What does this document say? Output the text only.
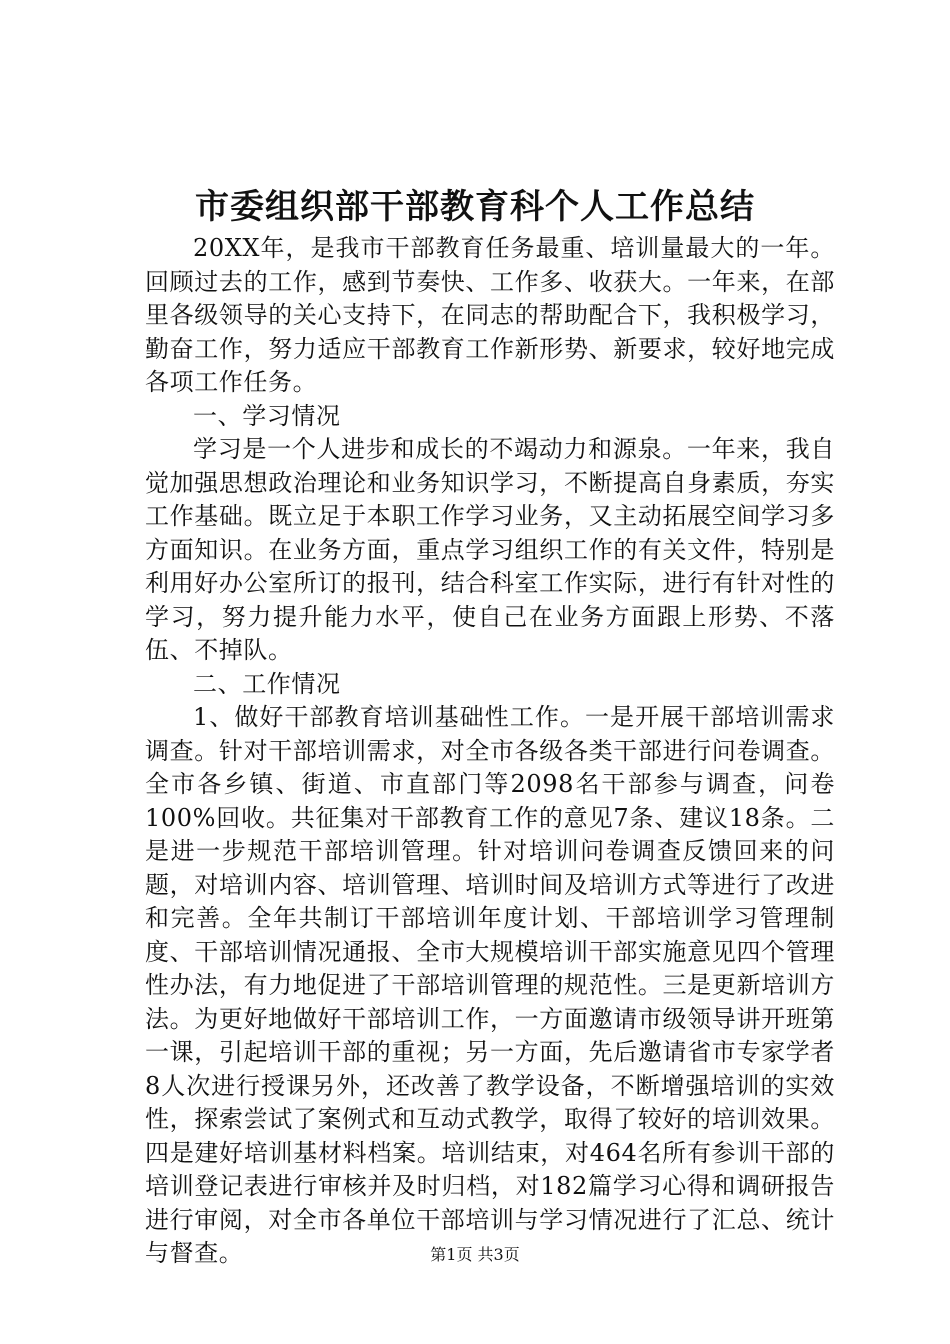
市委组织部干部教育科个人工作总结

20XX年，是我市干部教育任务最重、培训量最大的一年。回顾过去的工作，感到节奏快、工作多、收获大。一年来，在部里各级领导的关心支持下，在同志的帮助配合下，我积极学习，勤奋工作，努力适应干部教育工作新形势、新要求，较好地完成各项工作任务。

一、学习情况

学习是一个人进步和成长的不竭动力和源泉。一年来，我自觉加强思想政治理论和业务知识学习，不断提高自身素质，夯实工作基础。既立足于本职工作学习业务，又主动拓展空间学习多方面知识。在业务方面，重点学习组织工作的有关文件，特别是利用好办公室所订的报刊，结合科室工作实际，进行有针对性的学习，努力提升能力水平，使自己在业务方面跟上形势、不落伍、不掉队。

二、工作情况

1、做好干部教育培训基础性工作。一是开展干部培训需求调查。针对干部培训需求，对全市各级各类干部进行问卷调查。全市各乡镇、街道、市直部门等2098名干部参与调查，问卷100%回收。共征集对干部教育工作的意见7条、建议18条。二是进一步规范干部培训管理。针对培训问卷调查反馈回来的问题，对培训内容、培训管理、培训时间及培训方式等进行了改进和完善。全年共制订干部培训年度计划、干部培训学习管理制度、干部培训情况通报、全市大规模培训干部实施意见四个管理性办法，有力地促进了干部培训管理的规范性。三是更新培训方法。为更好地做好干部培训工作，一方面邀请市级领导讲开班第一课，引起培训干部的重视；另一方面，先后邀请省市专家学者8人次进行授课另外，还改善了教学设备，不断增强培训的实效性，探索尝试了案例式和互动式教学，取得了较好的培训效果。四是建好培训基材料档案。培训结束，对464名所有参训干部的培训登记表进行审核并及时归档，对182篇学习心得和调研报告进行审阅，对全市各单位干部培训与学习情况进行了汇总、统计与督查。	第1页 共3页
